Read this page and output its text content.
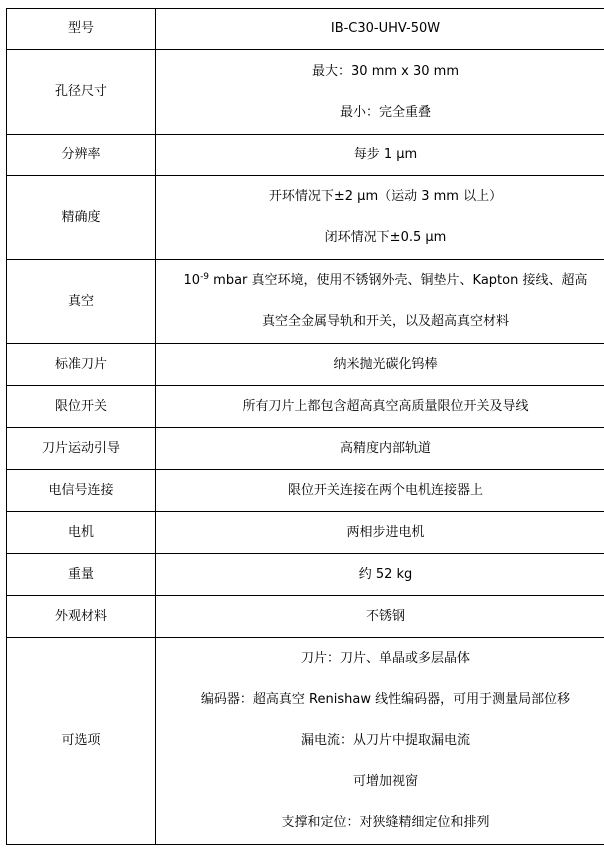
型号	IB-C30-UHV-50W

孔径尺寸	最大：30 mm x 30 mm
最小：完全重叠

分辨率	每步 1 μm

精确度	开环情况下±2 μm（运动 3 mm 以上）
闭环情况下±0.5 μm

真空	$10^{-9}$ mbar 真空环境，使用不锈钢外壳、铜垫片、Kapton 接线、超高
真空全金属导轨和开关，以及超高真空材料

标准刀片	纳米抛光碳化钨棒

限位开关	所有刀片上都包含超高真空高质量限位开关及导线

刀片运动引导	高精度内部轨道

电信号连接	限位开关连接在两个电机连接器上

电机	两相步进电机

重量	约 52 kg

外观材料	不锈钢

可选项	刀片：刀片、单晶或多层晶体
编码器：超高真空 Renishaw 线性编码器，可用于测量局部位移
漏电流：从刀片中提取漏电流
可增加视窗
支撑和定位：对狭缝精细定位和排列
